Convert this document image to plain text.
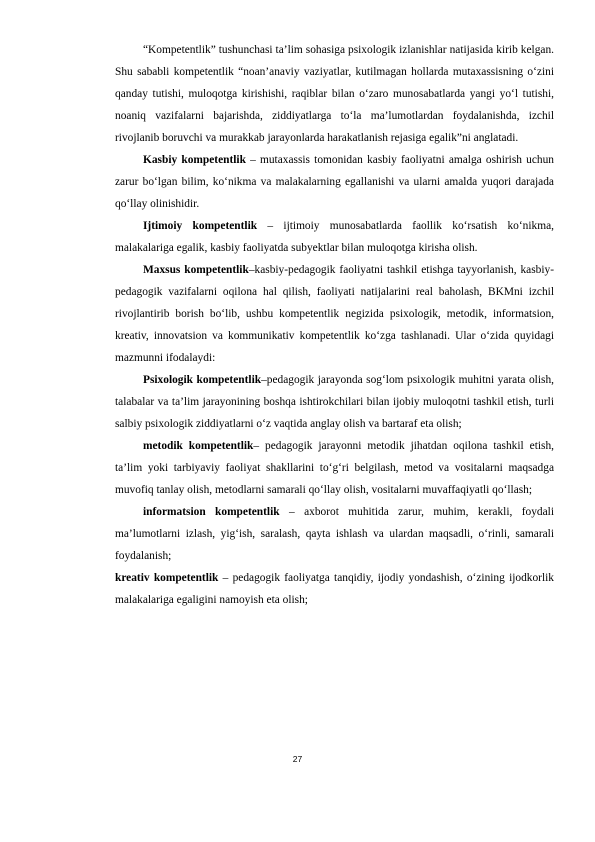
“Kompetentlik” tushunchasi ta’lim sohasiga psixologik izlanishlar natijasida kirib kelgan. Shu sababli kompetentlik “noan’anaviy vaziyatlar, kutilmagan hollarda mutaxassisning o‘zini qanday tutishi, muloqotga kirishishi, raqiblar bilan o‘zaro munosabatlarda yangi yo‘l tutishi, noaniq vazifalarni bajarishda, ziddiyatlarga to‘la ma’lumotlardan foydalanishda, izchil rivojlanib boruvchi va murakkab jarayonlarda harakatlanish rejasiga egalik”ni anglatadi.

Kasbiy kompetentlik – mutaxassis tomonidan kasbiy faoliyatni amalga oshirish uchun zarur bo‘lgan bilim, ko‘nikma va malakalarning egallanishi va ularni amalda yuqori darajada qo‘llay olinishidir.

Ijtimoiy kompetentlik – ijtimoiy munosabatlarda faollik ko‘rsatish ko‘nikma, malakalariga egalik, kasbiy faoliyatda subyektlar bilan muloqotga kirisha olish.

Maxsus kompetentlik–kasbiy-pedagogik faoliyatni tashkil etishga tayyorlanish, kasbiy-pedagogik vazifalarni oqilona hal qilish, faoliyati natijalarini real baholash, BKMni izchil rivojlantirib borish bo‘lib, ushbu kompetentlik negizida psixologik, metodik, informatsion, kreativ, innovatsion va kommunikativ kompetentlik ko‘zga tashlanadi. Ular o‘zida quyidagi mazmunni ifodalaydi:

Psixologik kompetentlik–pedagogik jarayonda sog‘lom psixologik muhitni yarata olish, talabalar va ta’lim jarayonining boshqa ishtirokchilari bilan ijobiy muloqotni tashkil etish, turli salbiy psixologik ziddiyatlarni o‘z vaqtida anglay olish va bartaraf eta olish;

metodik kompetentlik– pedagogik jarayonni metodik jihatdan oqilona tashkil etish, ta’lim yoki tarbiyaviy faoliyat shakllarini to‘g‘ri belgilash, metod va vositalarni maqsadga muvofiq tanlay olish, metodlarni samarali qo‘llay olish, vositalarni muvaffaqiyatli qo‘llash;

informatsion kompetentlik – axborot muhitida zarur, muhim, kerakli, foydali ma’lumotlarni izlash, yig‘ish, saralash, qayta ishlash va ulardan maqsadli, o‘rinli, samarali foydalanish;

kreativ kompetentlik – pedagogik faoliyatga tanqidiy, ijodiy yondashish, o‘zining ijodkorlik malakalariga egaligini namoyish eta olish;

27
